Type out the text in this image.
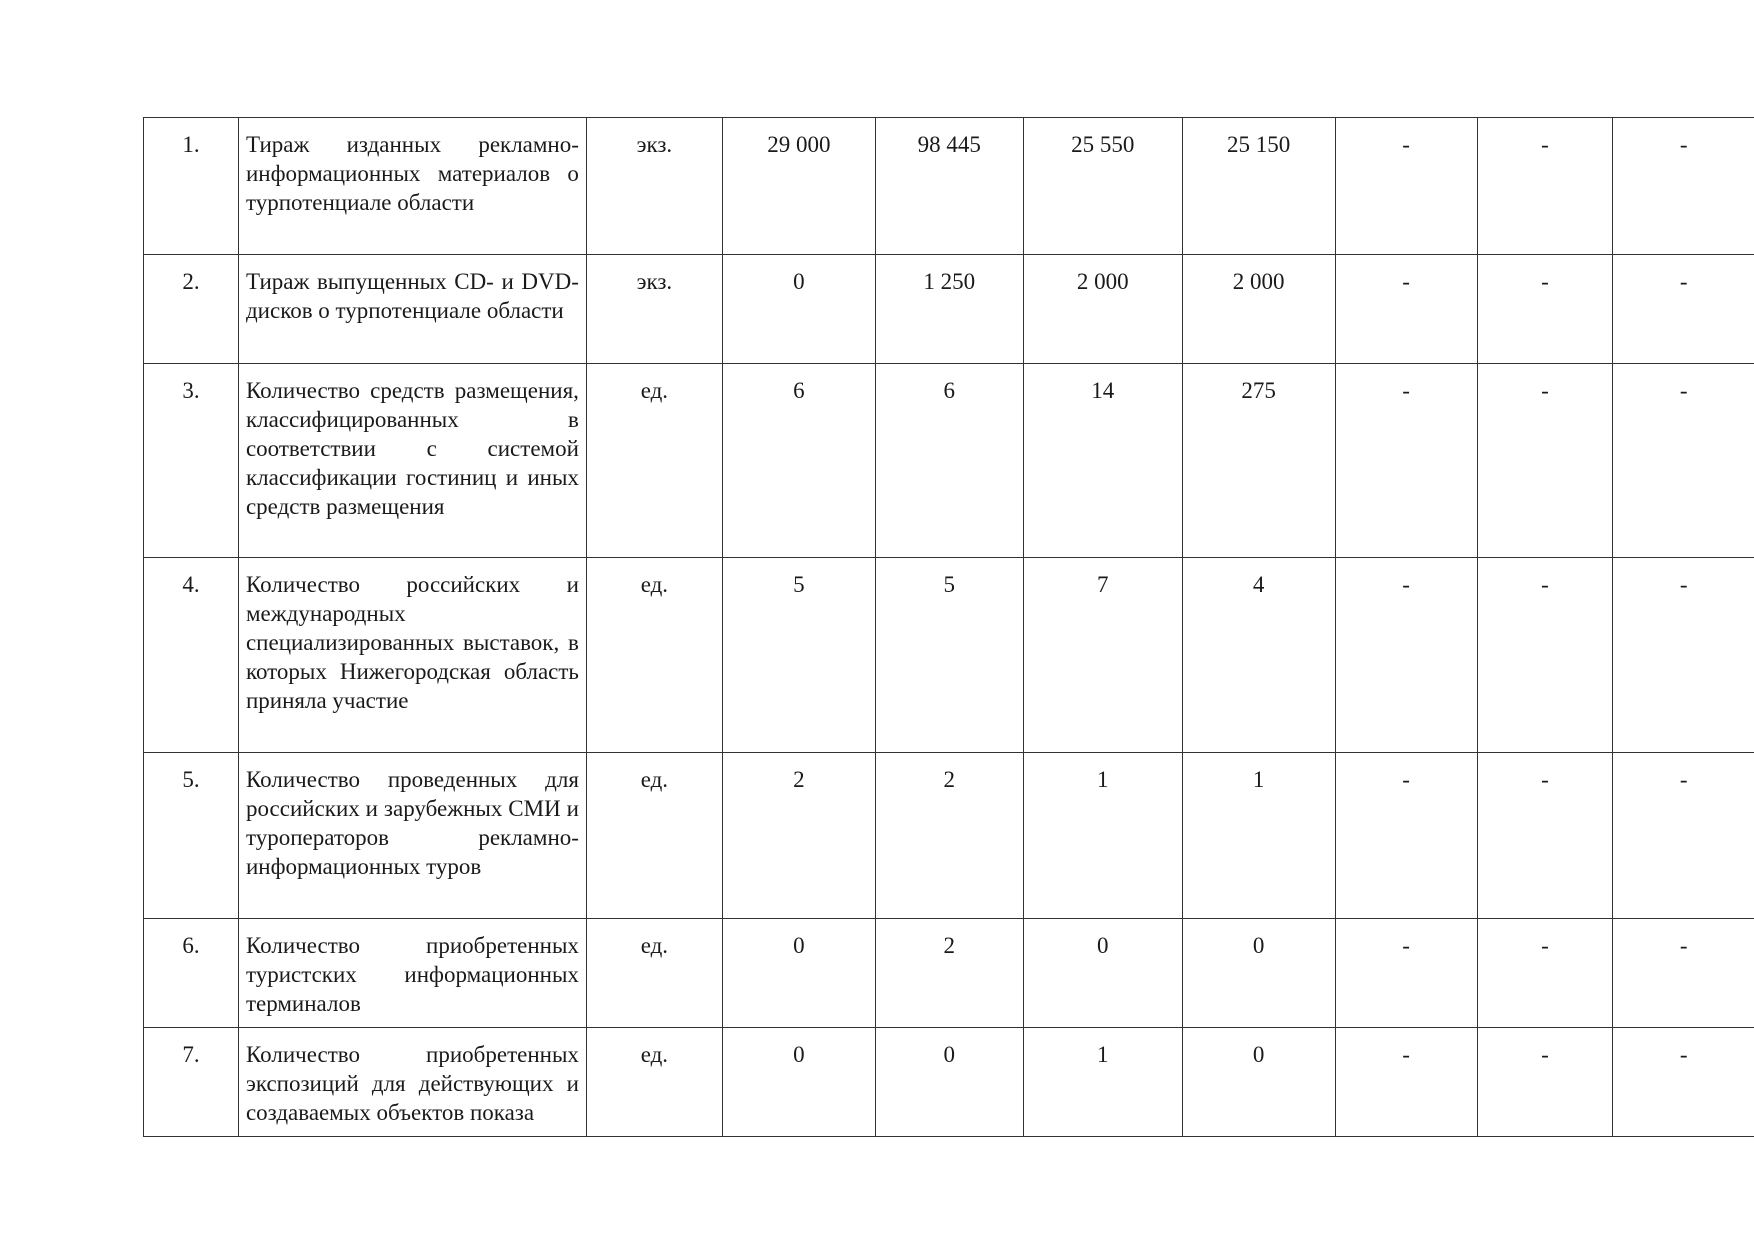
1.	Тираж изданных рекламно-информационных материалов о турпотенциале области	экз.	29 000	98 445	25 550	25 150	-	-	-
2.	Тираж выпущенных CD- и DVD-дисков о турпотенциале области	экз.	0	1 250	2 000	2 000	-	-	-
3.	Количество средств размещения, классифицированных в соответствии с системой классификации гостиниц и иных средств размещения	ед.	6	6	14	275	-	-	-
4.	Количество российских и международных специализированных выставок, в которых Нижегородская область приняла участие	ед.	5	5	7	4	-	-	-
5.	Количество проведенных для российских и зарубежных СМИ и туроператоров рекламно-информационных туров	ед.	2	2	1	1	-	-	-
6.	Количество приобретенных туристских информационных терминалов	ед.	0	2	0	0	-	-	-
7.	Количество приобретенных экспозиций для действующих и создаваемых объектов показа	ед.	0	0	1	0	-	-	-
